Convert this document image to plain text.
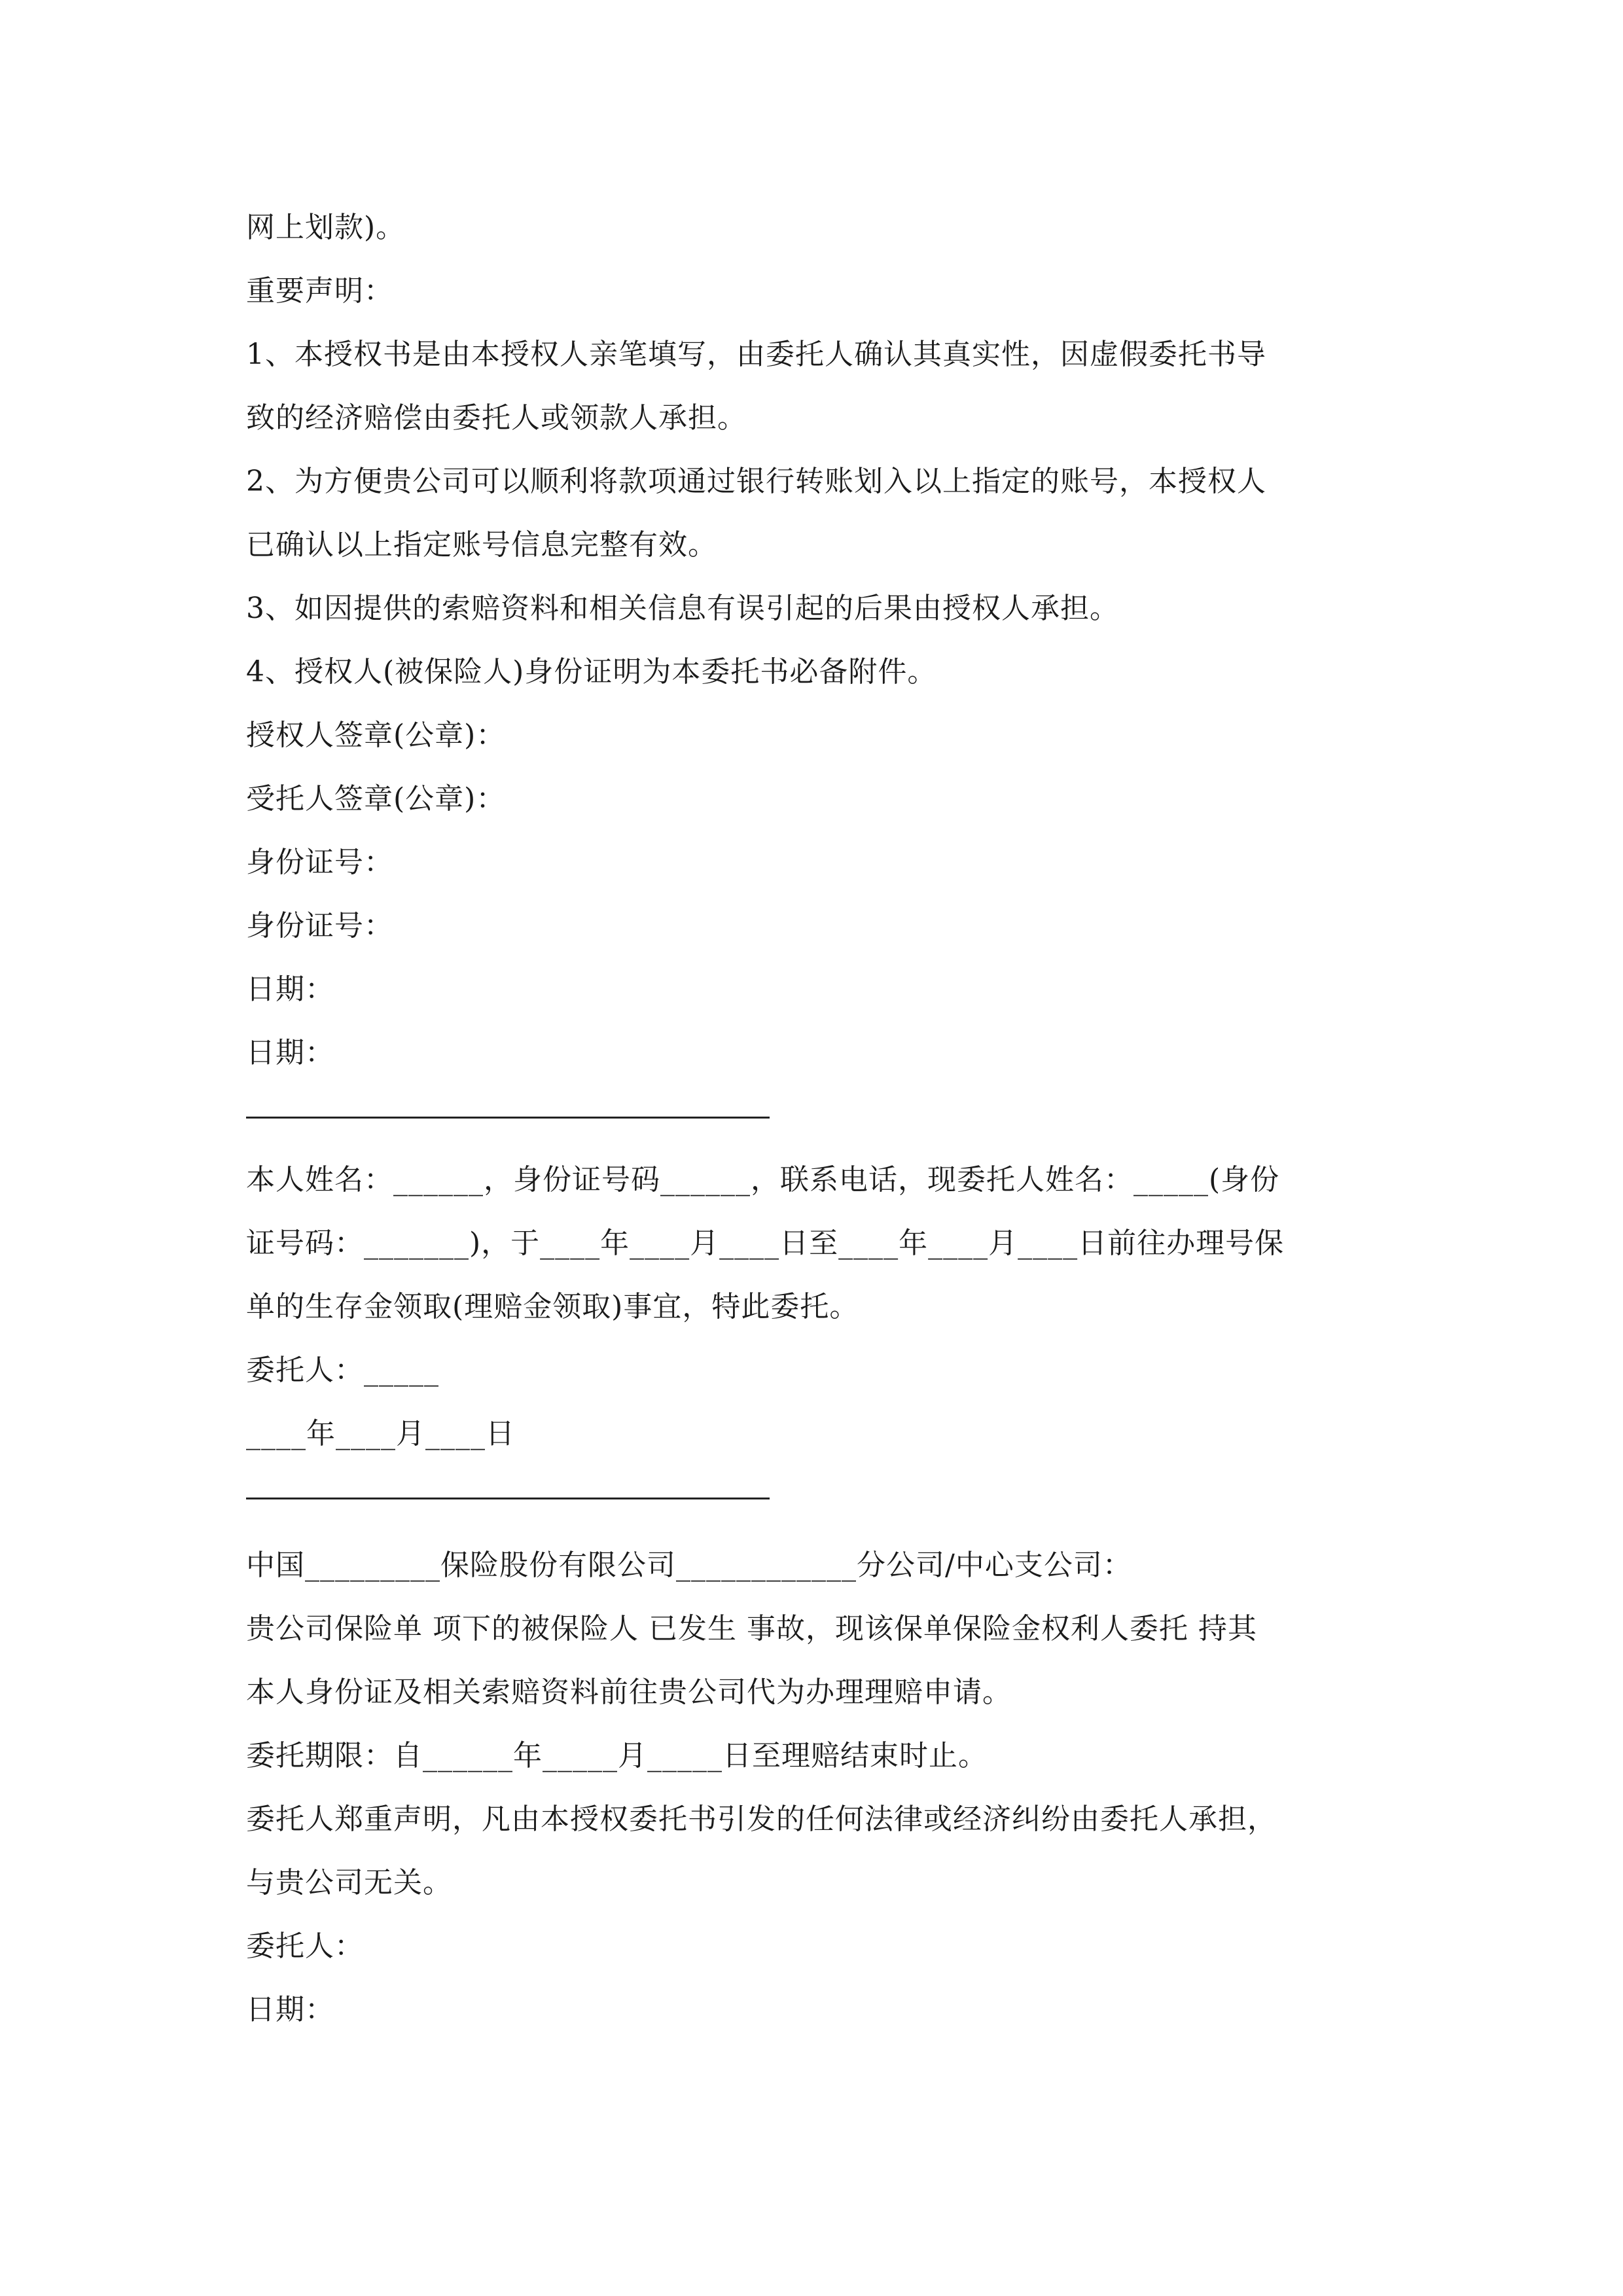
网上划款)。
重要声明：
1、本授权书是由本授权人亲笔填写，由委托人确认其真实性，因虚假委托书导
致的经济赔偿由委托人或领款人承担。
2、为方便贵公司可以顺利将款项通过银行转账划入以上指定的账号，本授权人
已确认以上指定账号信息完整有效。
3、如因提供的索赔资料和相关信息有误引起的后果由授权人承担。
4、授权人(被保险人)身份证明为本委托书必备附件。
授权人签章(公章)：
受托人签章(公章)：
身份证号：
身份证号：
日期：
日期：
本人姓名：______，身份证号码______，联系电话，现委托人姓名：_____(身份
证号码：_______)，于____年____月____日至____年____月____日前往办理号保
单的生存金领取(理赔金领取)事宜，特此委托。
委托人：_____
____年____月____日
中国_________保险股份有限公司____________分公司/中心支公司：
贵公司保险单 项下的被保险人 已发生 事故，现该保单保险金权利人委托 持其
本人身份证及相关索赔资料前往贵公司代为办理理赔申请。
委托期限：自______年_____月_____日至理赔结束时止。
委托人郑重声明，凡由本授权委托书引发的任何法律或经济纠纷由委托人承担，
与贵公司无关。
委托人：
日期：
